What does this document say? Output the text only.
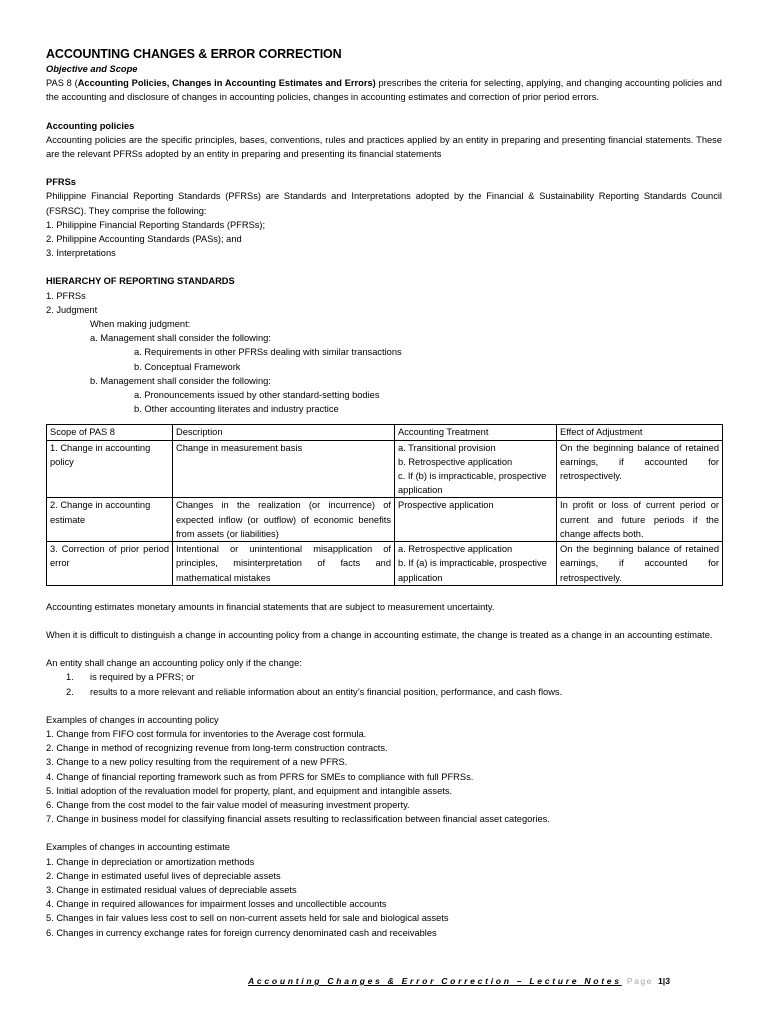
ACCOUNTING CHANGES & ERROR CORRECTION
Objective and Scope
PAS 8 (Accounting Policies, Changes in Accounting Estimates and Errors) prescribes the criteria for selecting, applying, and changing accounting policies and the accounting and disclosure of changes in accounting policies, changes in accounting estimates and correction of prior period errors.
Accounting policies
Accounting policies are the specific principles, bases, conventions, rules and practices applied by an entity in preparing and presenting financial statements. These are the relevant PFRSs adopted by an entity in preparing and presenting its financial statements
PFRSs
Philippine Financial Reporting Standards (PFRSs) are Standards and Interpretations adopted by the Financial & Sustainability Reporting Standards Council (FSRSC). They comprise the following:
1. Philippine Financial Reporting Standards (PFRSs);
2. Philippine Accounting Standards (PASs); and
3. Interpretations
HIERARCHY OF REPORTING STANDARDS
1. PFRSs
2. Judgment
When making judgment:
a. Management shall consider the following:
a. Requirements in other PFRSs dealing with similar transactions
b. Conceptual Framework
b. Management shall consider the following:
a. Pronouncements issued by other standard-setting bodies
b. Other accounting literates and industry practice
Scope of PAS 8	Description	Accounting Treatment	Effect of Adjustment
1. Change in accounting policy	Change in measurement basis	a. Transitional provision
b. Retrospective application
c. If (b) is impracticable, prospective application	On the beginning balance of retained earnings, if accounted for retrospectively.
2. Change in accounting estimate	Changes in the realization (or incurrence) of expected inflow (or outflow) of economic benefits from assets (or liabilities)	Prospective application	In profit or loss of current period or current and future periods if the change affects both.
3. Correction of prior period error	Intentional or unintentional misapplication of principles, misinterpretation of facts and mathematical mistakes	a. Retrospective application
b. If (a) is impracticable, prospective application	On the beginning balance of retained earnings, if accounted for retrospectively.
Accounting estimates monetary amounts in financial statements that are subject to measurement uncertainty.
When it is difficult to distinguish a change in accounting policy from a change in accounting estimate, the change is treated as a change in an accounting estimate.
An entity shall change an accounting policy only if the change:
1.	is required by a PFRS; or
2.	results to a more relevant and reliable information about an entity’s financial position, performance, and cash flows.
Examples of changes in accounting policy
1. Change from FIFO cost formula for inventories to the Average cost formula.
2. Change in method of recognizing revenue from long-term construction contracts.
3. Change to a new policy resulting from the requirement of a new PFRS.
4. Change of financial reporting framework such as from PFRS for SMEs to compliance with full PFRSs.
5. Initial adoption of the revaluation model for property, plant, and equipment and intangible assets.
6. Change from the cost model to the fair value model of measuring investment property.
7. Change in business model for classifying financial assets resulting to reclassification between financial asset categories.
Examples of changes in accounting estimate
1. Change in depreciation or amortization methods
2. Change in estimated useful lives of depreciable assets
3. Change in estimated residual values of depreciable assets
4. Change in required allowances for impairment losses and uncollectible accounts
5. Changes in fair values less cost to sell on non-current assets held for sale and biological assets
6. Changes in currency exchange rates for foreign currency denominated cash and receivables
Accounting Changes & Error Correction – Lecture Notes Page 1|3
